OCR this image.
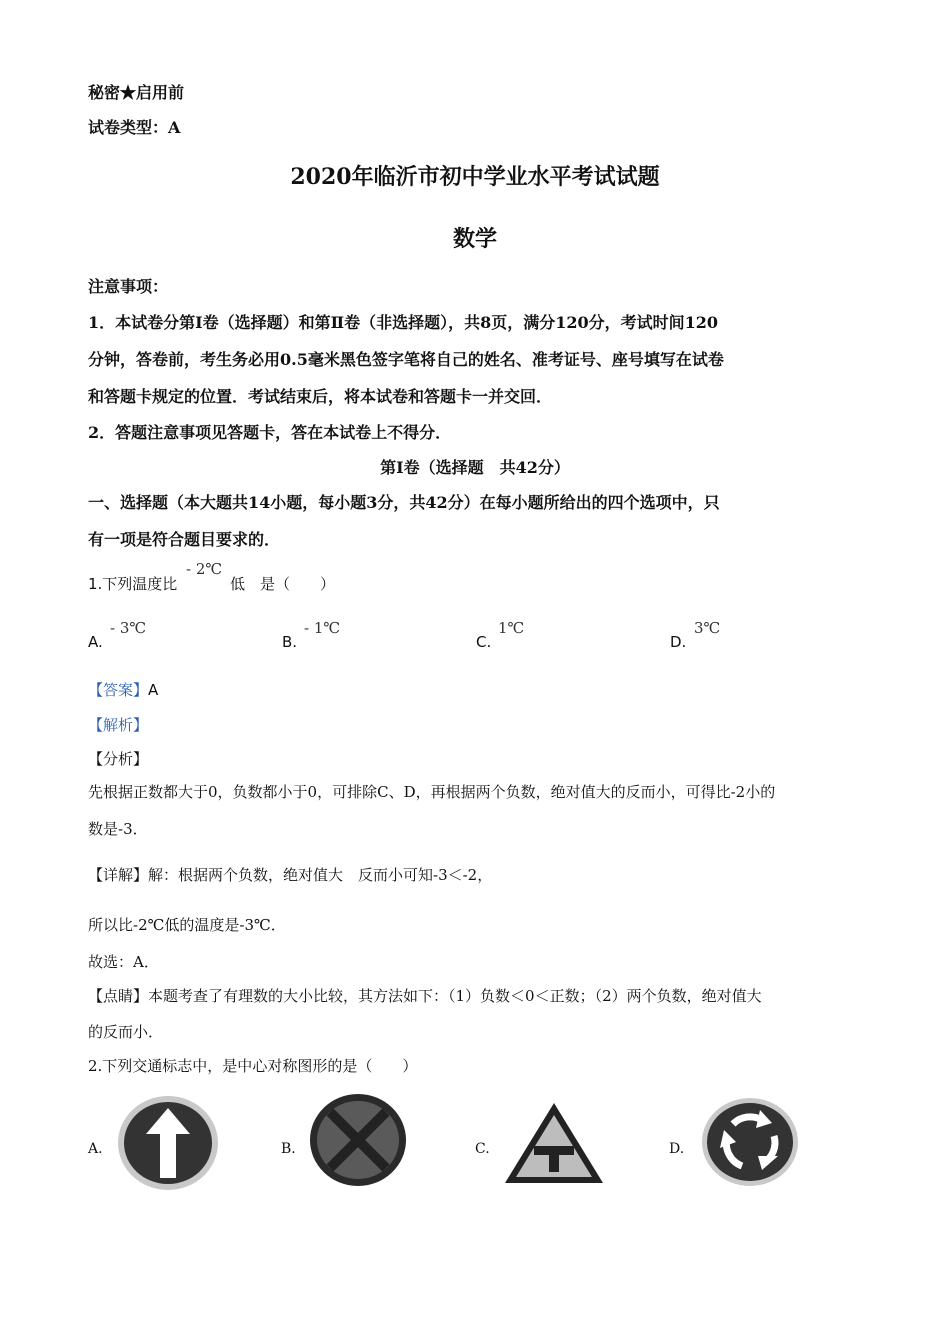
秘密★启用前
试卷类型：A
2020年临沂市初中学业水平考试试题
数学
注意事项：
1．本试卷分第Ⅰ卷（选择题）和第Ⅱ卷（非选择题），共8页，满分120分，考试时间120
分钟，答卷前，考生务必用0.5毫米黑色签字笔将自己的姓名、准考证号、座号填写在试卷
和答题卡规定的位置．考试结束后，将本试卷和答题卡一并交回．
2．答题注意事项见答题卡，答在本试卷上不得分．
第Ⅰ卷（选择题　共42分）
一、选择题（本大题共14小题，每小题3分，共42分）在每小题所给出的四个选项中，只
有一项是符合题目要求的．
1.下列温度比
- 2℃
低　是（　　）
A.
- 3℃
B.
- 1℃
C.
1℃
D.
3℃
【答案】A
【解析】
【分析】
先根据正数都大于0，负数都小于0，可排除C、D，再根据两个负数，绝对值大的反而小，可得比-2小的
数是-3．
【详解】解：根据两个负数，绝对值大　反而小可知-3＜-2，
所以比-2℃低的温度是-3℃．
故选：A．
【点睛】本题考查了有理数的大小比较，其方法如下：（1）负数＜0＜正数；（2）两个负数，绝对值大
的反而小．
2.下列交通标志中，是中心对称图形的是（　　）
A.	B.	C.	D.
